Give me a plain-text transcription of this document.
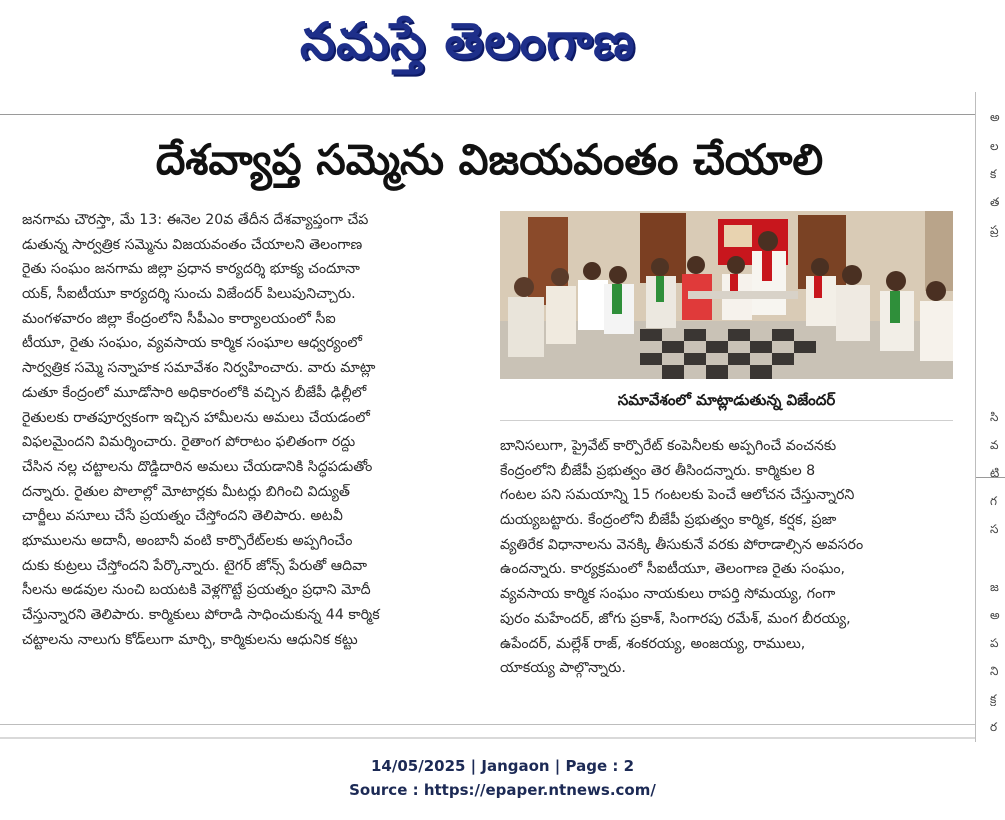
నమస్తే తెలంగాణ
అ
ల
క
త
ప్ర
సి
వ
టి
గ
స
జ
అ
ప
ని
క్ర
ర
దేశవ్యాప్త సమ్మెను విజయవంతం చేయాలి
జనగామ చౌరస్తా, మే 13: ఈనెల 20వ తేదీన దేశవ్యాప్తంగా చేప
డుతున్న సార్వత్రిక సమ్మెను విజయవంతం చేయాలని తెలంగాణ
రైతు సంఘం జనగామ జిల్లా ప్రధాన కార్యదర్శి భూక్య చందూనా
యక్, సీఐటీయూ కార్యదర్శి సుంచు విజేందర్ పిలుపునిచ్చారు.
మంగళవారం జిల్లా కేంద్రంలోని సీపీఎం కార్యాలయంలో సీఐ
టీయూ, రైతు సంఘం, వ్యవసాయ కార్మిక సంఘాల ఆధ్వర్యంలో
సార్వత్రిక సమ్మె సన్నాహక సమావేశం నిర్వహించారు. వారు మాట్లా
డుతూ కేంద్రంలో మూడోసారి అధికారంలోకి వచ్చిన బీజేపీ ఢిల్లీలో
రైతులకు రాతపూర్వకంగా ఇచ్చిన హామీలను అమలు చేయడంలో
విఫలమైందని విమర్శించారు. రైతాంగ పోరాటం ఫలితంగా రద్దు
చేసిన నల్ల చట్టాలను దొడ్డిదారిన అమలు చేయడానికి సిద్ధపడుతోం
దన్నారు. రైతుల పొలాల్లో మోటార్లకు మీటర్లు బిగించి విద్యుత్
చార్జీలు వసూలు చేసే ప్రయత్నం చేస్తోందని తెలిపారు. అటవీ
భూములను అదానీ, అంబానీ వంటి కార్పొరేట్‌లకు అప్పగించేం
దుకు కుట్రలు చేస్తోందని పేర్కొన్నారు. టైగర్ జోన్స్ పేరుతో ఆదివా
సీలను అడవుల నుంచి బయటకి వెళ్లగొట్టే ప్రయత్నం ప్రధాని మోదీ
చేస్తున్నారని తెలిపారు. కార్మికులు పోరాడి సాధించుకున్న 44 కార్మిక
చట్టాలను నాలుగు కోడ్‌లుగా మార్చి, కార్మికులను ఆధునిక కట్టు
సమావేశంలో మాట్లాడుతున్న విజేందర్
బానిసలుగా, ప్రైవేట్ కార్పొరేట్ కంపెనీలకు అప్పగించే వంచనకు
కేంద్రంలోని బీజేపీ ప్రభుత్వం తెర తీసిందన్నారు. కార్మికుల 8
గంటల పని సమయాన్ని 15 గంటలకు పెంచే ఆలోచన చేస్తున్నారని
దుయ్యబట్టారు. కేంద్రంలోని బీజేపీ ప్రభుత్వం కార్మిక, కర్షక, ప్రజా
వ్యతిరేక విధానాలను వెనక్కి తీసుకునే వరకు పోరాడాల్సిన అవసరం
ఉందన్నారు. కార్యక్రమంలో సీఐటీయూ, తెలంగాణ రైతు సంఘం,
వ్యవసాయ కార్మిక సంఘం నాయకులు రాపర్తి సోమయ్య, గంగా
పురం మహేందర్, జోగు ప్రకాశ్, సింగారపు రమేశ్, మంగ బీరయ్య,
ఉపేందర్, మల్లేశ్ రాజ్, శంకరయ్య, అంజయ్య, రాములు,
యాకయ్య పాల్గొన్నారు.
14/05/2025 | Jangaon | Page : 2
Source : https://epaper.ntnews.com/
